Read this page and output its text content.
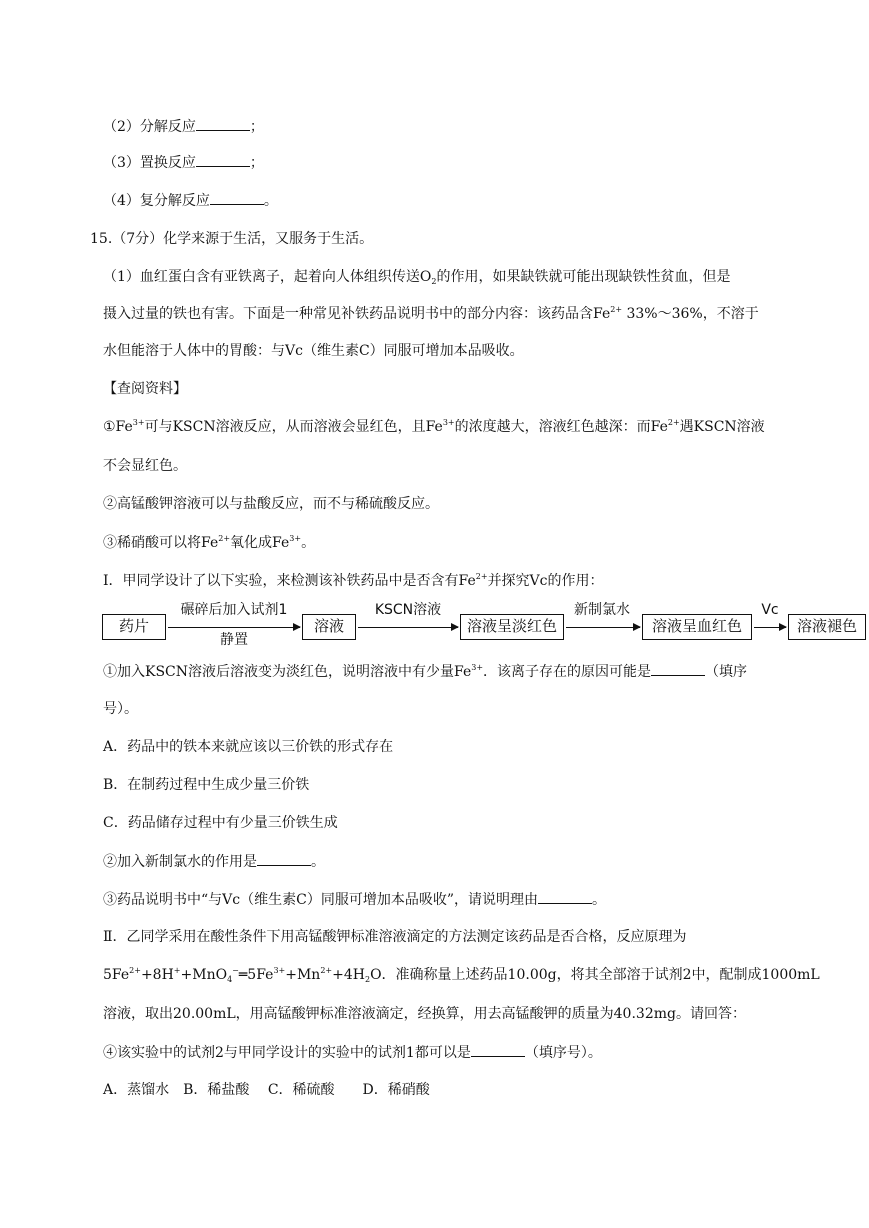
（2）分解反应	；
（3）置换反应	；
（4）复分解反应	。
15.（7分）化学来源于生活，又服务于生活。
（1）血红蛋白含有亚铁离子，起着向人体组织传送$O_2$的作用，如果缺铁就可能出现缺铁性贫血，但是
摄入过量的铁也有害。下面是一种常见补铁药品说明书中的部分内容：该药品含$Fe^{2+}$ 33%～36%，不溶于
水但能溶于人体中的胃酸：与Vc（维生素C）同服可增加本品吸收。
【查阅资料】
$①Fe^{3+}$可与KSCN溶液反应，从而溶液会显红色，且$Fe^{3+}$的浓度越大，溶液红色越深：而$Fe^{2+}$遇KSCN溶液
不会显红色。
②高锰酸钾溶液可以与盐酸反应，而不与稀硫酸反应。
③稀硝酸可以将$Fe^{2+}$氧化成$Fe^{3+}$。
Ⅰ．甲同学设计了以下实验，来检测该补铁药品中是否含有$Fe^{2+}$并探究Vc的作用：
药片
碾碎后加入试剂1
静置
溶液
KSCN溶液
溶液呈淡红色
新制氯水
溶液呈血红色
Vc
溶液褪色
①加入KSCN溶液后溶液变为淡红色，说明溶液中有少量$Fe^{3+}$．该离子存在的原因可能是	（填序
号）。
A．药品中的铁本来就应该以三价铁的形式存在
B．在制药过程中生成少量三价铁
C．药品储存过程中有少量三价铁生成
②加入新制氯水的作用是	。
③药品说明书中“与Vc（维生素C）同服可增加本品吸收”，请说明理由	。
Ⅱ．乙同学采用在酸性条件下用高锰酸钾标准溶液滴定的方法测定该药品是否合格，反应原理为
$5Fe^{2+}+8H^++MnO_4^-═5Fe^{3+}+Mn^{2+}+4H_2O$．准确称量上述药品10.00g，将其全部溶于试剂2中，配制成1000mL
溶液，取出20.00mL，用高锰酸钾标准溶液滴定，经换算，用去高锰酸钾的质量为40.32mg。请回答：
④该实验中的试剂2与甲同学设计的实验中的试剂1都可以是	（填序号）。
A．蒸馏水　B．稀盐酸　 C．稀硫酸　　D．稀硝酸
